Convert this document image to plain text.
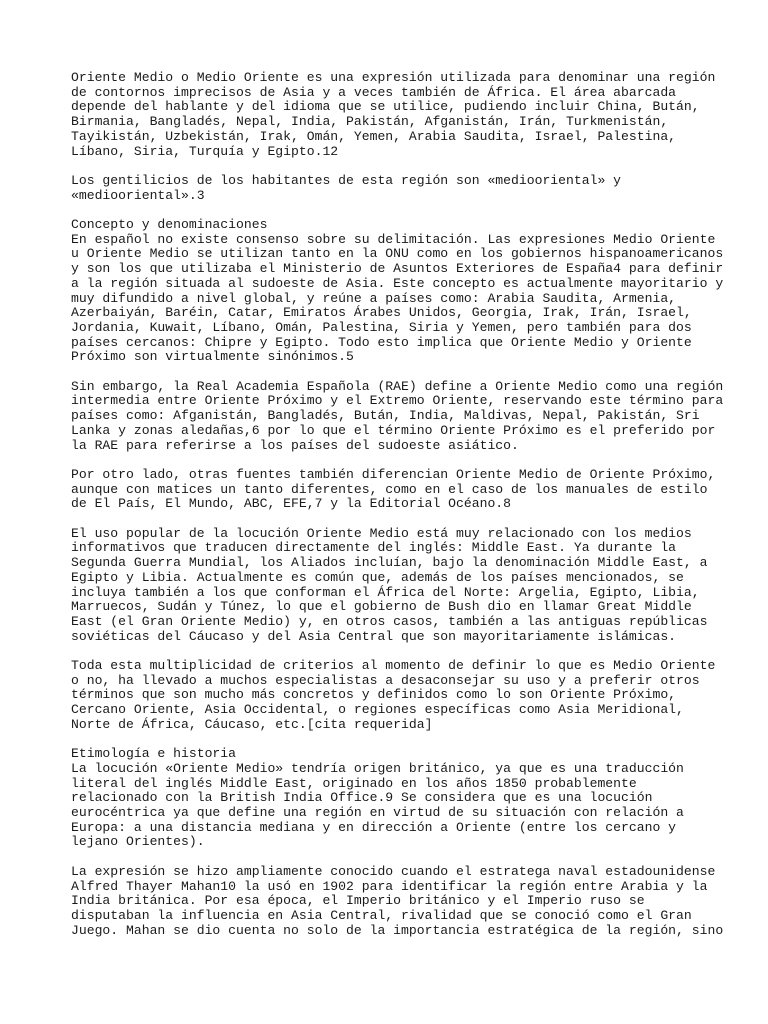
Oriente Medio o Medio Oriente es una expresión utilizada para denominar una región
de contornos imprecisos de Asia y a veces también de África. El área abarcada
depende del hablante y del idioma que se utilice, pudiendo incluir China, Bután,
Birmania, Bangladés, Nepal, India, Pakistán, Afganistán, Irán, Turkmenistán,
Tayikistán, Uzbekistán, Irak, Omán, Yemen, Arabia Saudita, Israel, Palestina,
Líbano, Siria, Turquía y Egipto.12
Los gentilicios de los habitantes de esta región son «mediooriental» y
«mediooriental».3
Concepto y denominaciones
En español no existe consenso sobre su delimitación. Las expresiones Medio Oriente
u Oriente Medio se utilizan tanto en la ONU como en los gobiernos hispanoamericanos
y son los que utilizaba el Ministerio de Asuntos Exteriores de España4 para definir
a la región situada al sudoeste de Asia. Este concepto es actualmente mayoritario y
muy difundido a nivel global, y reúne a países como: Arabia Saudita, Armenia,
Azerbaiyán, Baréin, Catar, Emiratos Árabes Unidos, Georgia, Irak, Irán, Israel,
Jordania, Kuwait, Líbano, Omán, Palestina, Siria y Yemen, pero también para dos
países cercanos: Chipre y Egipto. Todo esto implica que Oriente Medio y Oriente
Próximo son virtualmente sinónimos.5
Sin embargo, la Real Academia Española (RAE) define a Oriente Medio como una región
intermedia entre Oriente Próximo y el Extremo Oriente, reservando este término para
países como: Afganistán, Bangladés, Bután, India, Maldivas, Nepal, Pakistán, Sri
Lanka y zonas aledañas,6 por lo que el término Oriente Próximo es el preferido por
la RAE para referirse a los países del sudoeste asiático.
Por otro lado, otras fuentes también diferencian Oriente Medio de Oriente Próximo,
aunque con matices un tanto diferentes, como en el caso de los manuales de estilo
de El País, El Mundo, ABC, EFE,7 y la Editorial Océano.8
El uso popular de la locución Oriente Medio está muy relacionado con los medios
informativos que traducen directamente del inglés: Middle East. Ya durante la
Segunda Guerra Mundial, los Aliados incluían, bajo la denominación Middle East, a
Egipto y Libia. Actualmente es común que, además de los países mencionados, se
incluya también a los que conforman el África del Norte: Argelia, Egipto, Libia,
Marruecos, Sudán y Túnez, lo que el gobierno de Bush dio en llamar Great Middle
East (el Gran Oriente Medio) y, en otros casos, también a las antiguas repúblicas
soviéticas del Cáucaso y del Asia Central que son mayoritariamente islámicas.
Toda esta multiplicidad de criterios al momento de definir lo que es Medio Oriente
o no, ha llevado a muchos especialistas a desaconsejar su uso y a preferir otros
términos que son mucho más concretos y definidos como lo son Oriente Próximo,
Cercano Oriente, Asia Occidental, o regiones específicas como Asia Meridional,
Norte de África, Cáucaso, etc.[cita requerida]
Etimología e historia
La locución «Oriente Medio» tendría origen británico, ya que es una traducción
literal del inglés Middle East, originado en los años 1850 probablemente
relacionado con la British India Office.9 Se considera que es una locución
eurocéntrica ya que define una región en virtud de su situación con relación a
Europa: a una distancia mediana y en dirección a Oriente (entre los cercano y
lejano Orientes).
La expresión se hizo ampliamente conocido cuando el estratega naval estadounidense
Alfred Thayer Mahan10 la usó en 1902 para identificar la región entre Arabia y la
India británica. Por esa época, el Imperio británico y el Imperio ruso se
disputaban la influencia en Asia Central, rivalidad que se conoció como el Gran
Juego. Mahan se dio cuenta no solo de la importancia estratégica de la región, sino
